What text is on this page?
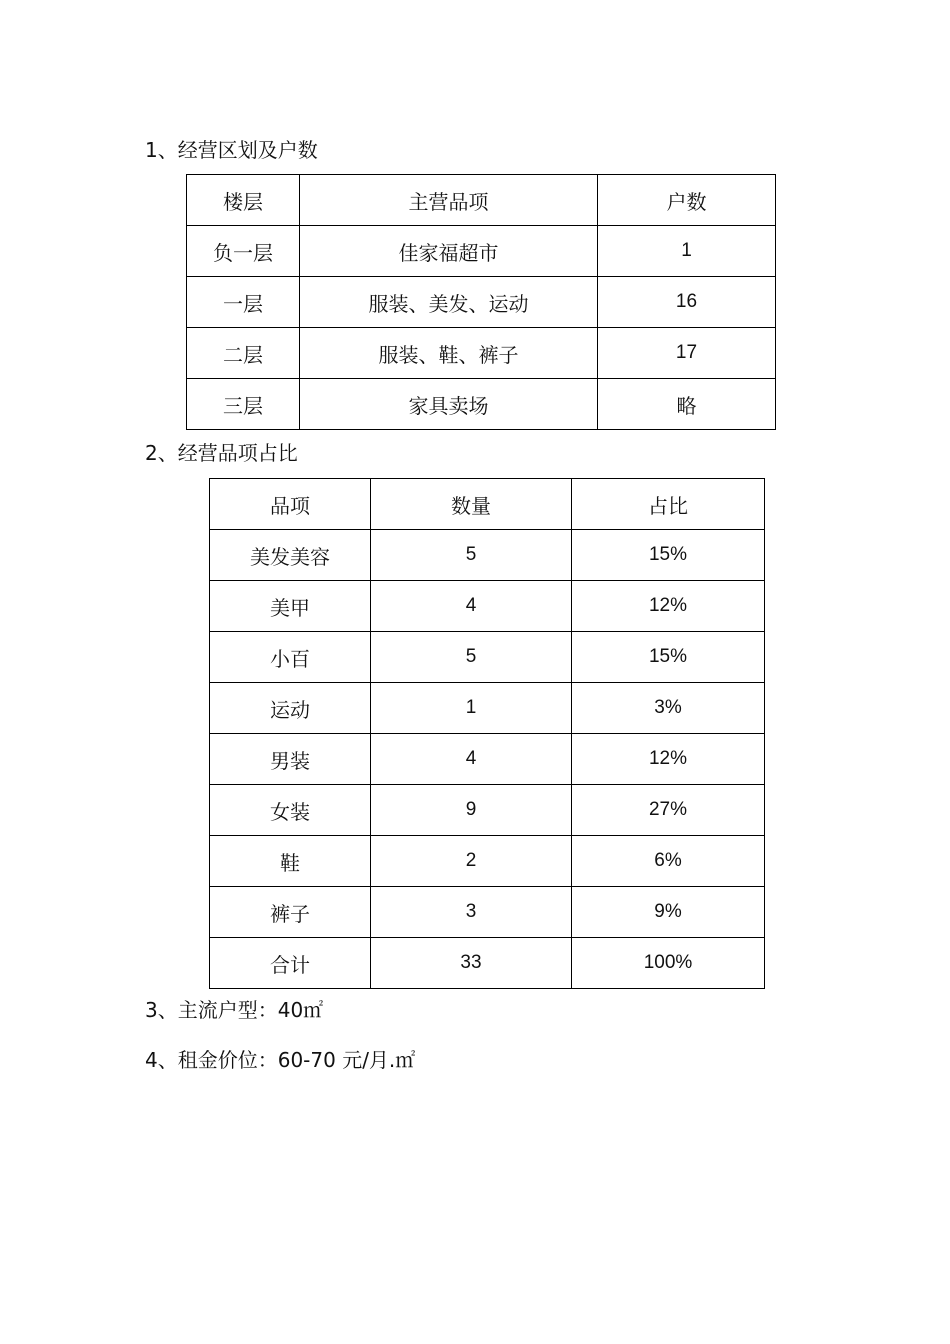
1、经营区划及户数
楼层	主营品项	户数
负一层	佳家福超市	1
一层	服装、美发、运动	16
二层	服装、鞋、裤子	17
三层	家具卖场	略
2、经营品项占比
品项	数量	占比
美发美容	5	15%
美甲	4	12%
小百	5	15%
运动	1	3%
男装	4	12%
女装	9	27%
鞋	2	6%
裤子	3	9%
合计	33	100%
3、主流户型：40㎡
4、租金价位：60-70 元/月.㎡
